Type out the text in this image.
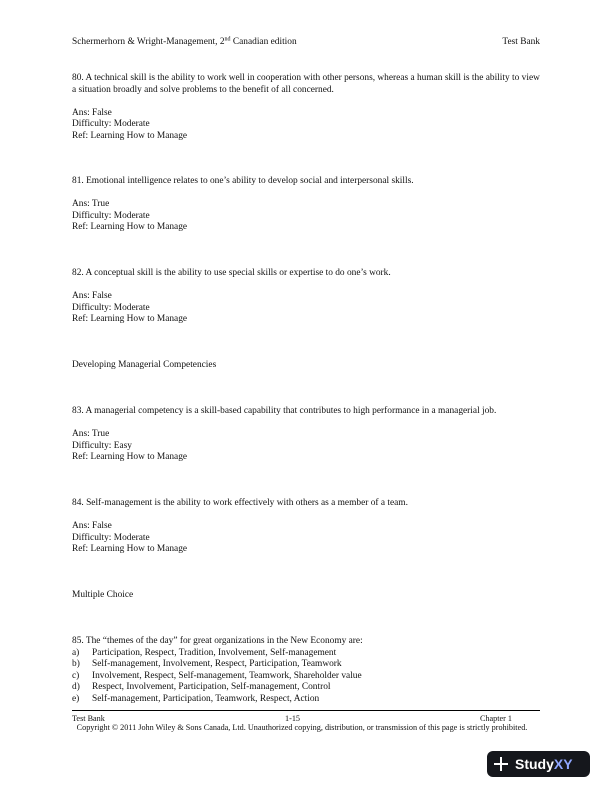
Schermerhorn & Wright-Management, 2nd Canadian edition	Test Bank

80. A technical skill is the ability to work well in cooperation with other persons, whereas a human skill is the ability to view a situation broadly and solve problems to the benefit of all concerned.

Ans: False
Difficulty: Moderate
Ref: Learning How to Manage

81. Emotional intelligence relates to one’s ability to develop social and interpersonal skills.

Ans: True
Difficulty: Moderate
Ref: Learning How to Manage

82. A conceptual skill is the ability to use special skills or expertise to do one’s work.

Ans: False
Difficulty: Moderate
Ref: Learning How to Manage
Developing Managerial Competencies

83. A managerial competency is a skill-based capability that contributes to high performance in a managerial job.

Ans: True
Difficulty: Easy
Ref: Learning How to Manage

84. Self-management is the ability to work effectively with others as a member of a team.

Ans: False
Difficulty: Moderate
Ref: Learning How to Manage
Multiple Choice

85. The “themes of the day” for great organizations in the New Economy are:

a) Participation, Respect, Tradition, Involvement, Self-management
b) Self-management, Involvement, Respect, Participation, Teamwork
c) Involvement, Respect, Self-management, Teamwork, Shareholder value
d) Respect, Involvement, Participation, Self-management, Control
e) Self-management, Participation, Teamwork, Respect, Action
Test Bank	1-15	Chapter 1
Copyright © 2011 John Wiley & Sons Canada, Ltd. Unauthorized copying, distribution, or transmission of this page is strictly prohibited.
StudyXY
